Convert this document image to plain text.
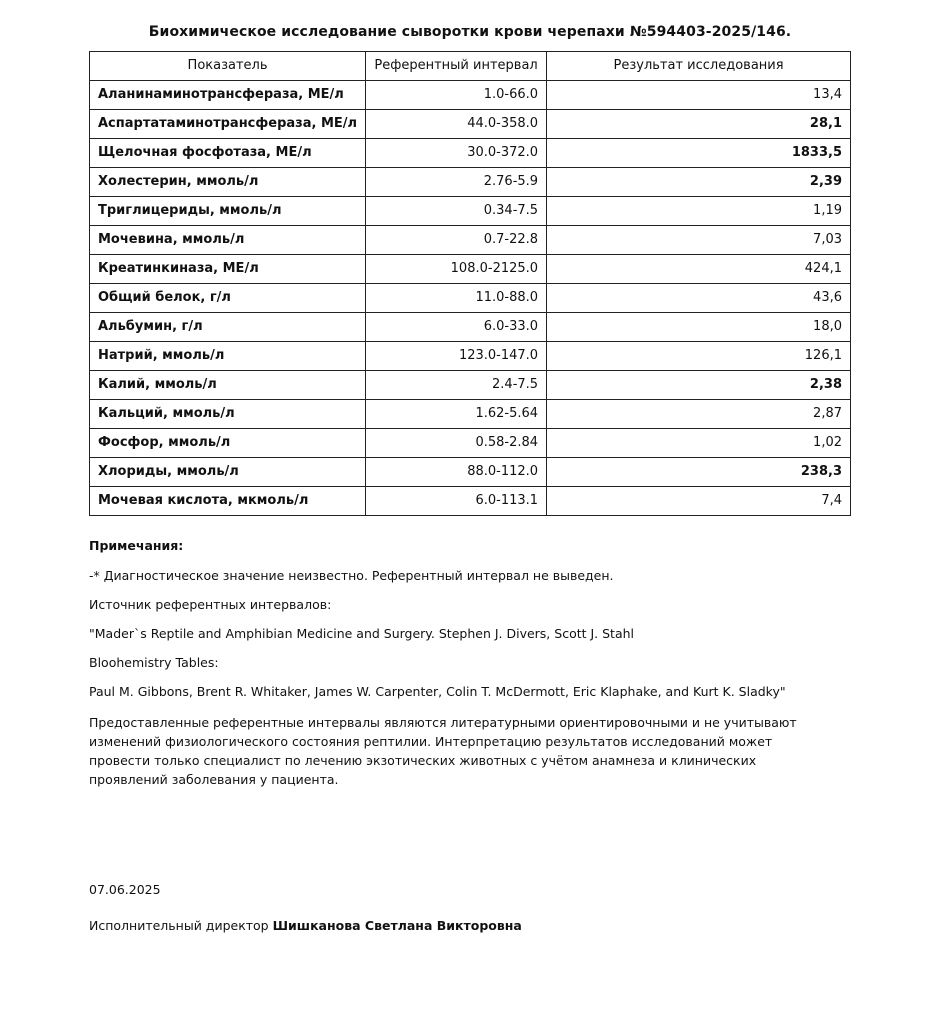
Биохимическое исследование сыворотки крови черепахи №594403-2025/146.
Показатель	Референтный интервал	Результат исследования
Аланинаминотрансфераза, МЕ/л	1.0-66.0	13,4
Аспартатаминотрансфераза, МЕ/л	44.0-358.0	28,1
Щелочная фосфотаза, МЕ/л	30.0-372.0	1833,5
Холестерин, ммоль/л	2.76-5.9	2,39
Триглицериды, ммоль/л	0.34-7.5	1,19
Мочевина, ммоль/л	0.7-22.8	7,03
Креатинкиназа, МЕ/л	108.0-2125.0	424,1
Общий белок, г/л	11.0-88.0	43,6
Альбумин, г/л	6.0-33.0	18,0
Натрий, ммоль/л	123.0-147.0	126,1
Калий, ммоль/л	2.4-7.5	2,38
Кальций, ммоль/л	1.62-5.64	2,87
Фосфор, ммоль/л	0.58-2.84	1,02
Хлориды, ммоль/л	88.0-112.0	238,3
Мочевая кислота, мкмоль/л	6.0-113.1	7,4

Примечания:

-* Диагностическое значение неизвестно. Референтный интервал не выведен.

Источник референтных интервалов:

"Mader`s Reptile and Amphibian Medicine and Surgery. Stephen J. Divers, Scott J. Stahl

Bloohemistry Tables:

Paul M. Gibbons, Brent R. Whitaker, James W. Carpenter, Colin T. McDermott, Eric Klaphake, and Kurt K. Sladky"

Предоставленные референтные интервалы являются литературными ориентировочными и не учитывают изменений физиологического состояния рептилии. Интерпретацию результатов исследований может провести только специалист по лечению экзотических животных с учётом анамнеза и клинических проявлений заболевания у пациента.

07.06.2025
Исполнительный директор Шишканова Светлана Викторовна
